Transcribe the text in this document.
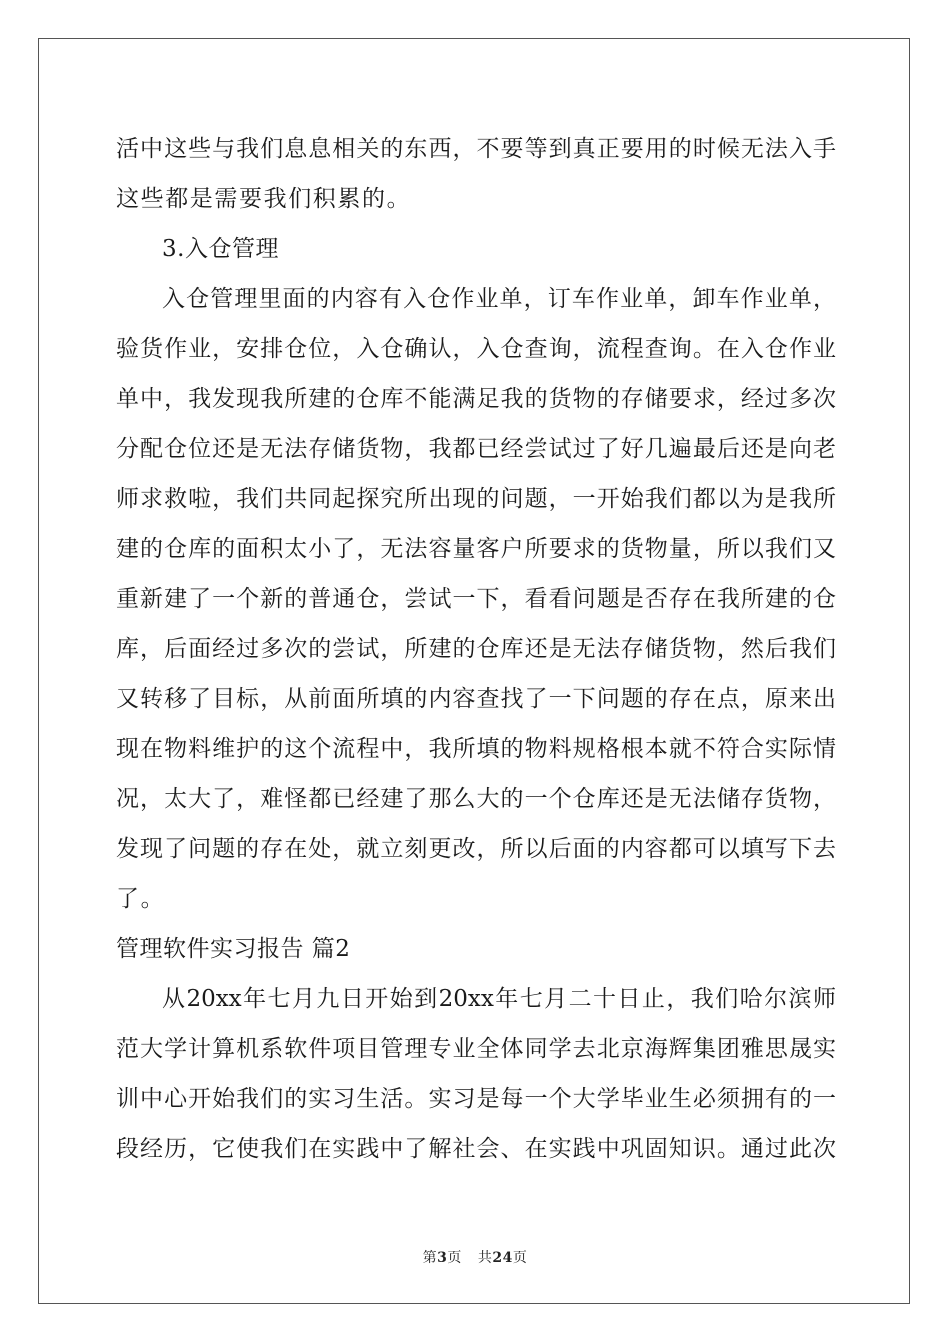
活中这些与我们息息相关的东西，不要等到真正要用的时候无法入手
这些都是需要我们积累的。
3.入仓管理
入仓管理里面的内容有入仓作业单，订车作业单，卸车作业单，
验货作业，安排仓位，入仓确认，入仓查询，流程查询。在入仓作业
单中，我发现我所建的仓库不能满足我的货物的存储要求，经过多次
分配仓位还是无法存储货物，我都已经尝试过了好几遍最后还是向老
师求救啦，我们共同起探究所出现的问题，一开始我们都以为是我所
建的仓库的面积太小了，无法容量客户所要求的货物量，所以我们又
重新建了一个新的普通仓，尝试一下，看看问题是否存在我所建的仓
库，后面经过多次的尝试，所建的仓库还是无法存储货物，然后我们
又转移了目标，从前面所填的内容查找了一下问题的存在点，原来出
现在物料维护的这个流程中，我所填的物料规格根本就不符合实际情
况，太大了，难怪都已经建了那么大的一个仓库还是无法储存货物，
发现了问题的存在处，就立刻更改，所以后面的内容都可以填写下去
了。
管理软件实习报告 篇2
从20xx年七月九日开始到20xx年七月二十日止，我们哈尔滨师
范大学计算机系软件项目管理专业全体同学去北京海辉集团雅思晟实
训中心开始我们的实习生活。实习是每一个大学毕业生必须拥有的一
段经历，它使我们在实践中了解社会、在实践中巩固知识。通过此次
第3页 共24页
